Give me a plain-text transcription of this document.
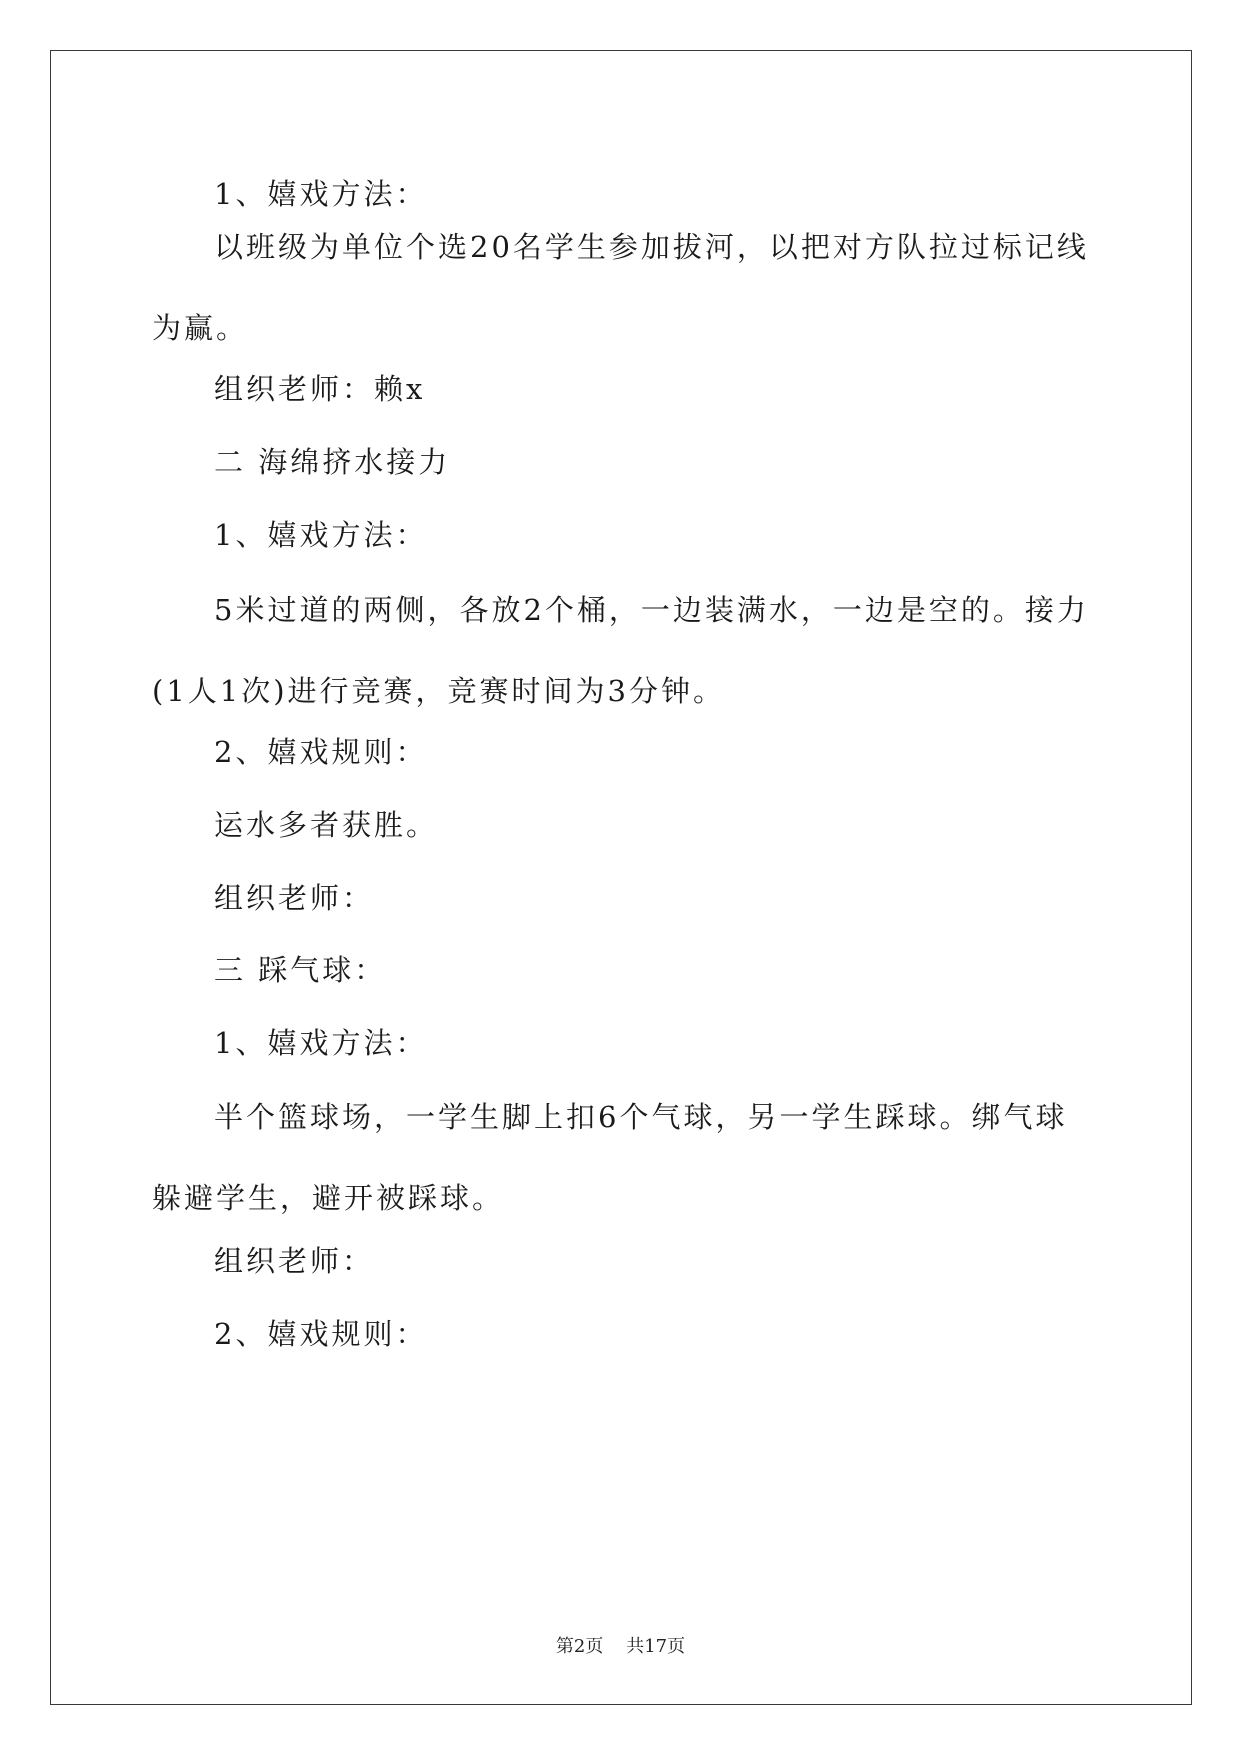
1、嬉戏方法：
以班级为单位个选20名学生参加拔河，以把对方队拉过标记线为赢。
组织老师：赖x
二 海绵挤水接力
1、嬉戏方法：
5米过道的两侧，各放2个桶，一边装满水，一边是空的。接力(1人1次)进行竞赛，竞赛时间为3分钟。
2、嬉戏规则：
运水多者获胜。
组织老师：
三 踩气球：
1、嬉戏方法：
半个篮球场，一学生脚上扣6个气球，另一学生踩球。绑气球躲避学生，避开被踩球。
组织老师：
2、嬉戏规则：
第2页    共17页
